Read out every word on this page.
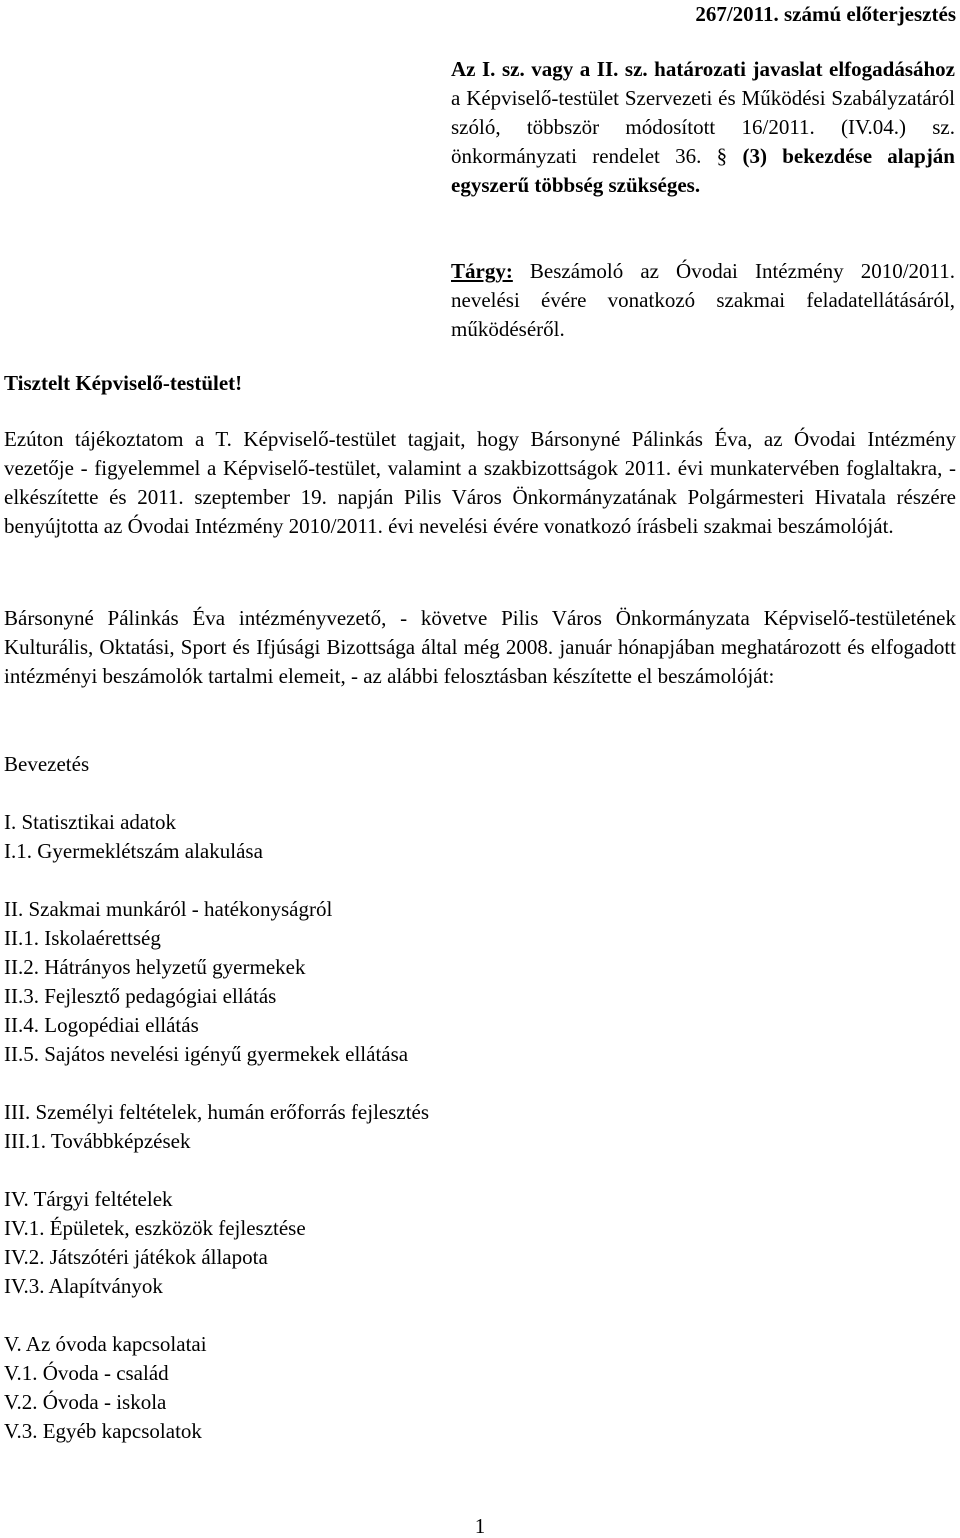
267/2011. számú előterjesztés
Az I. sz. vagy a II. sz. határozati javaslat elfogadásához a Képviselő-testület Szervezeti és Működési Szabályzatáról szóló, többször módosított 16/2011. (IV.04.) sz. önkormányzati rendelet 36. § (3) bekezdése alapján egyszerű többség szükséges.
Tárgy: Beszámoló az Óvodai Intézmény 2010/2011. nevelési évére vonatkozó szakmai feladatellátásáról, működéséről.
Tisztelt Képviselő-testület!
Ezúton tájékoztatom a T. Képviselő-testület tagjait, hogy Bársonyné Pálinkás Éva, az Óvodai Intézmény vezetője - figyelemmel a Képviselő-testület, valamint a szakbizottságok 2011. évi munkatervében foglaltakra, - elkészítette és 2011. szeptember 19. napján Pilis Város Önkormányzatának Polgármesteri Hivatala részére benyújtotta az Óvodai Intézmény 2010/2011. évi nevelési évére vonatkozó írásbeli szakmai beszámolóját.
Bársonyné Pálinkás Éva intézményvezető, - követve Pilis Város Önkormányzata Képviselő-testületének Kulturális, Oktatási, Sport és Ifjúsági Bizottsága által még 2008. január hónapjában meghatározott és elfogadott intézményi beszámolók tartalmi elemeit, - az alábbi felosztásban készítette el beszámolóját:
Bevezetés
I. Statisztikai adatok
I.1. Gyermeklétszám alakulása
II. Szakmai munkáról - hatékonyságról
II.1. Iskolaérettség
II.2. Hátrányos helyzetű gyermekek
II.3. Fejlesztő pedagógiai ellátás
II.4. Logopédiai ellátás
II.5. Sajátos nevelési igényű gyermekek ellátása
III. Személyi feltételek, humán erőforrás fejlesztés
III.1. Továbbképzések
IV. Tárgyi feltételek
IV.1. Épületek, eszközök fejlesztése
IV.2. Játszótéri játékok állapota
IV.3. Alapítványok
V. Az óvoda kapcsolatai
V.1. Óvoda - család
V.2. Óvoda - iskola
V.3. Egyéb kapcsolatok
1
